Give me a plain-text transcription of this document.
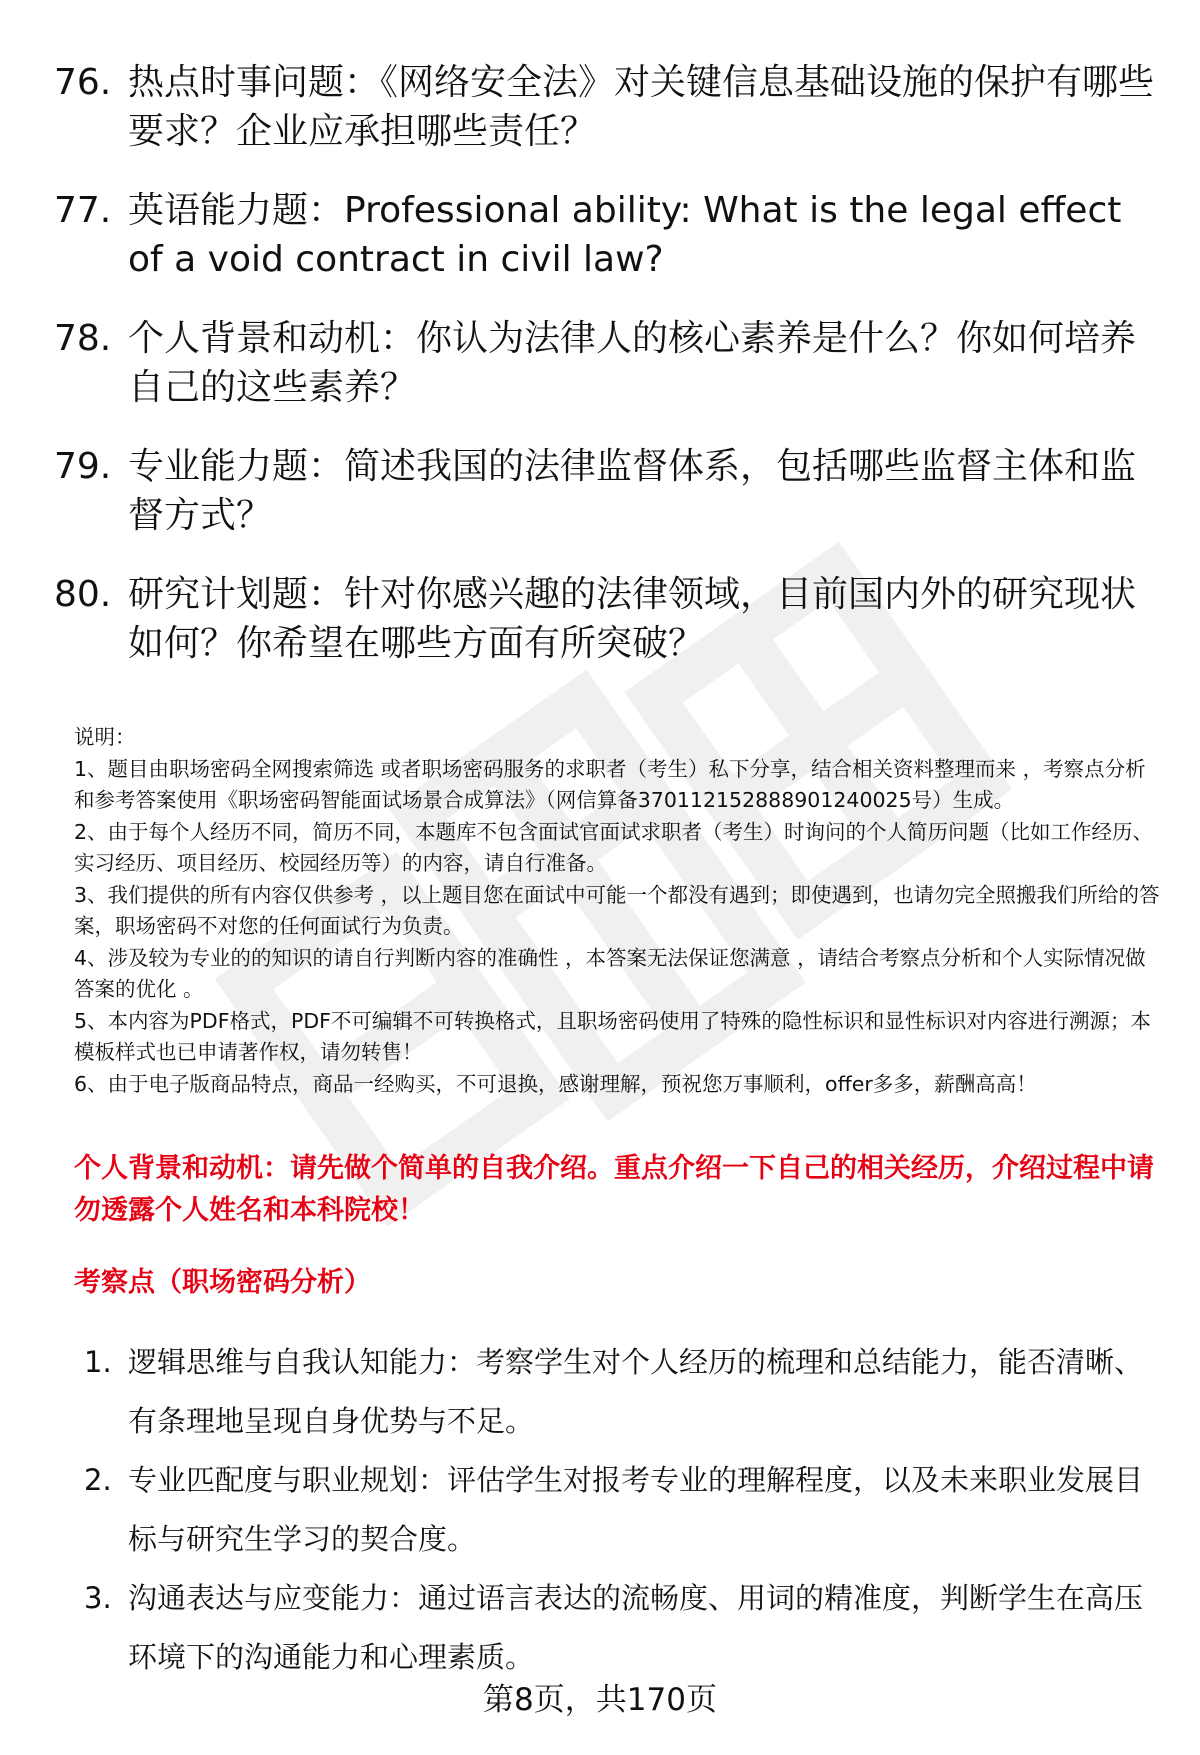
76. 热点时事问题：《网络安全法》对关键信息基础设施的保护有哪些要求？企业应承担哪些责任？
77. 英语能力题：Professional ability: What is the legal effect of a void contract in civil law?
78. 个人背景和动机：你认为法律人的核心素养是什么？你如何培养自己的这些素养？
79. 专业能力题：简述我国的法律监督体系，包括哪些监督主体和监督方式？
80. 研究计划题：针对你感兴趣的法律领域，目前国内外的研究现状如何？你希望在哪些方面有所突破？

说明：

1、题目由职场密码全网搜索筛选 或者职场密码服务的求职者（考生）私下分享，结合相关资料整理而来 ，考察点分析和参考答案使用《职场密码智能面试场景合成算法》（网信算备370112152888901240025号）生成。

2、由于每个人经历不同，简历不同，本题库不包含面试官面试求职者（考生）时询问的个人简历问题（比如工作经历、实习经历、项目经历、校园经历等）的内容，请自行准备。

3、我们提供的所有内容仅供参考 ，以上题目您在面试中可能一个都没有遇到；即使遇到，也请勿完全照搬我们所给的答案，职场密码不对您的任何面试行为负责。

4、涉及较为专业的的知识的请自行判断内容的准确性 ，本答案无法保证您满意 ，请结合考察点分析和个人实际情况做答案的优化 。

5、本内容为PDF格式，PDF不可编辑不可转换格式，且职场密码使用了特殊的隐性标识和显性标识对内容进行溯源；本模板样式也已申请著作权，请勿转售！

6、由于电子版商品特点，商品一经购买，不可退换，感谢理解，预祝您万事顺利，offer多多，薪酬高高！

个人背景和动机：请先做个简单的自我介绍。重点介绍一下自己的相关经历，介绍过程中请勿透露个人姓名和本科院校！
考察点（职场密码分析）
1. 逻辑思维与自我认知能力：考察学生对个人经历的梳理和总结能力，能否清晰、有条理地呈现自身优势与不足。
2. 专业匹配度与职业规划：评估学生对报考专业的理解程度，以及未来职业发展目标与研究生学习的契合度。
3. 沟通表达与应变能力：通过语言表达的流畅度、用词的精准度，判断学生在高压环境下的沟通能力和心理素质。
第8页，共170页
